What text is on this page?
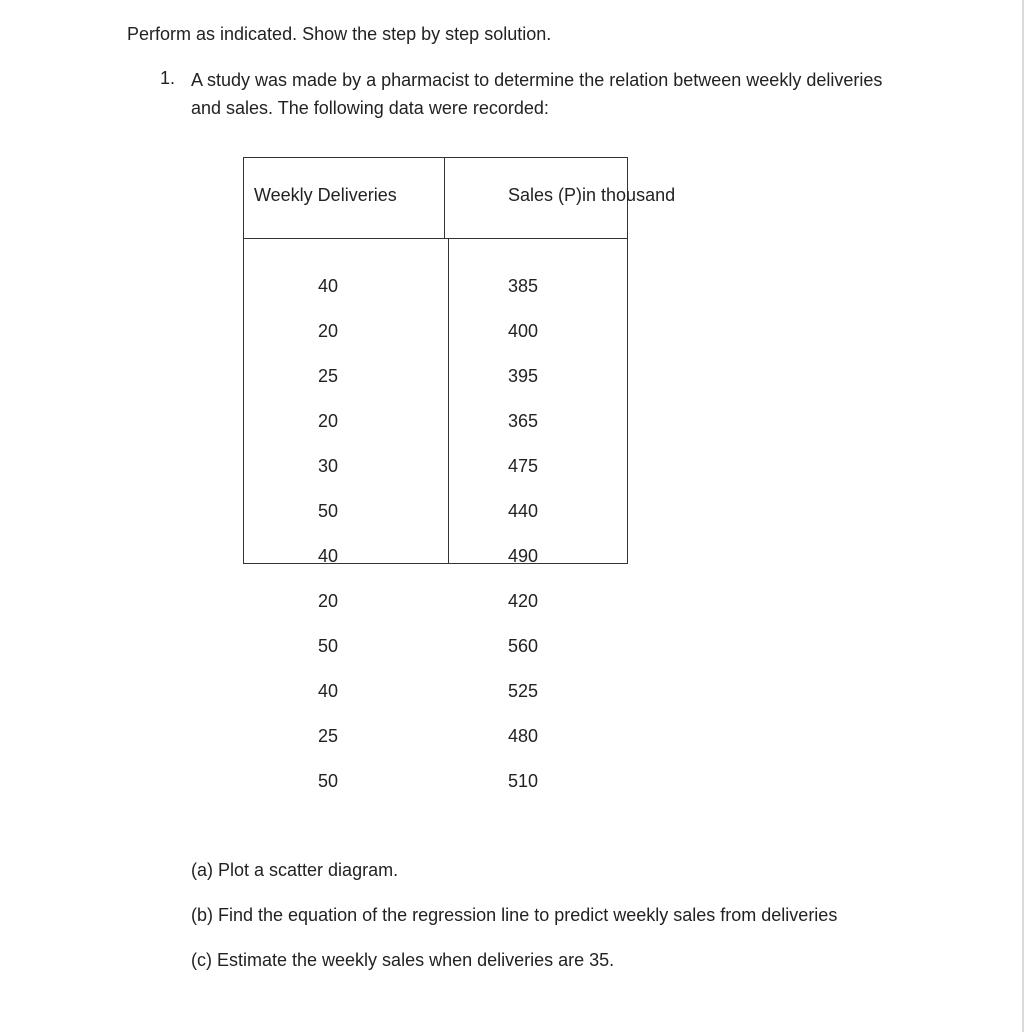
Perform as indicated. Show the step by step solution.
1. A study was made by a pharmacist to determine the relation between weekly deliveries
and sales. The following data were recorded:
Weekly Deliveries	Sales (P)in thousand
40	385
20	400
25	395
20	365
30	475
50	440
40	490
20	420
50	560
40	525
25	480
50	510
(a) Plot a scatter diagram.
(b) Find the equation of the regression line to predict weekly sales from deliveries
(c) Estimate the weekly sales when deliveries are 35.
